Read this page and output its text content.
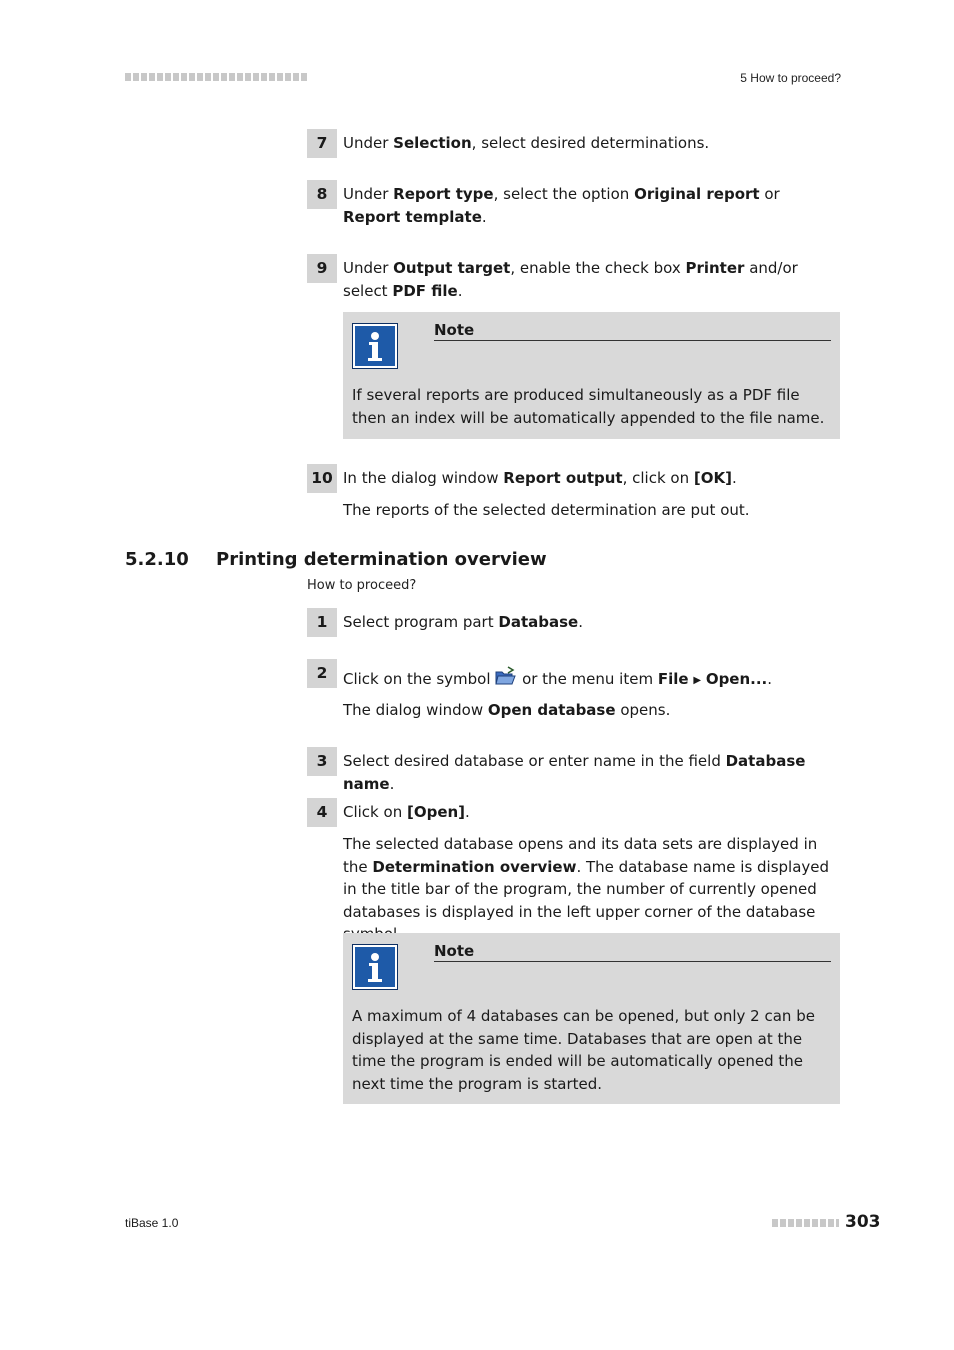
5 How to proceed?
7	Under Selection, select desired determinations.
8	Under Report type, select the option Original report or Report template.
9	Under Output target, enable the check box Printer and/or select PDF file.
Note
If several reports are produced simultaneously as a PDF file then an index will be automatically appended to the file name.
10 In the dialog window Report output, click on [OK].
The reports of the selected determination are put out.
5.2.10 Printing determination overview
How to proceed?
1	Select program part Database.
2	Click on the symbol  or the menu item File ▶ Open....
The dialog window Open database opens.
3	Select desired database or enter name in the field Database name.
4	Click on [Open].
The selected database opens and its data sets are displayed in the Determination overview. The database name is displayed in the title bar of the program, the number of currently opened databases is displayed in the left upper corner of the database
Note
A maximum of 4 databases can be opened, but only 2 can be displayed at the same time. Databases that are open at the time the program is ended will be automatically opened the next time the program is started.
tiBase 1.0	303
